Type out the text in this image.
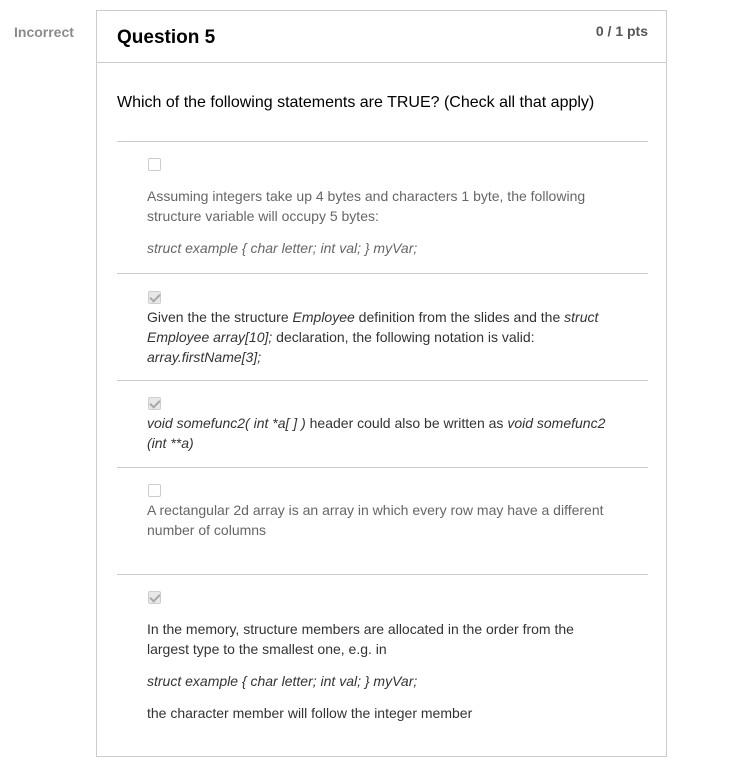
Incorrect Question 5	0 / 1 pts
Which of the following statements are TRUE? (Check all that apply)

Assuming integers take up 4 bytes and characters 1 byte, the following structure variable will occupy 5 bytes:

struct example { char letter; int val; } myVar;

Given the the structure Employee definition from the slides and the struct Employee array[10]; declaration, the following notation is valid: array.firstName[3];
void somefunc2( int *a[ ] ) header could also be written as void somefunc2 (int **a)
A rectangular 2d array is an array in which every row may have a different number of columns

In the memory, structure members are allocated in the order from the largest type to the smallest one, e.g. in

struct example { char letter; int val; } myVar;

the character member will follow the integer member
